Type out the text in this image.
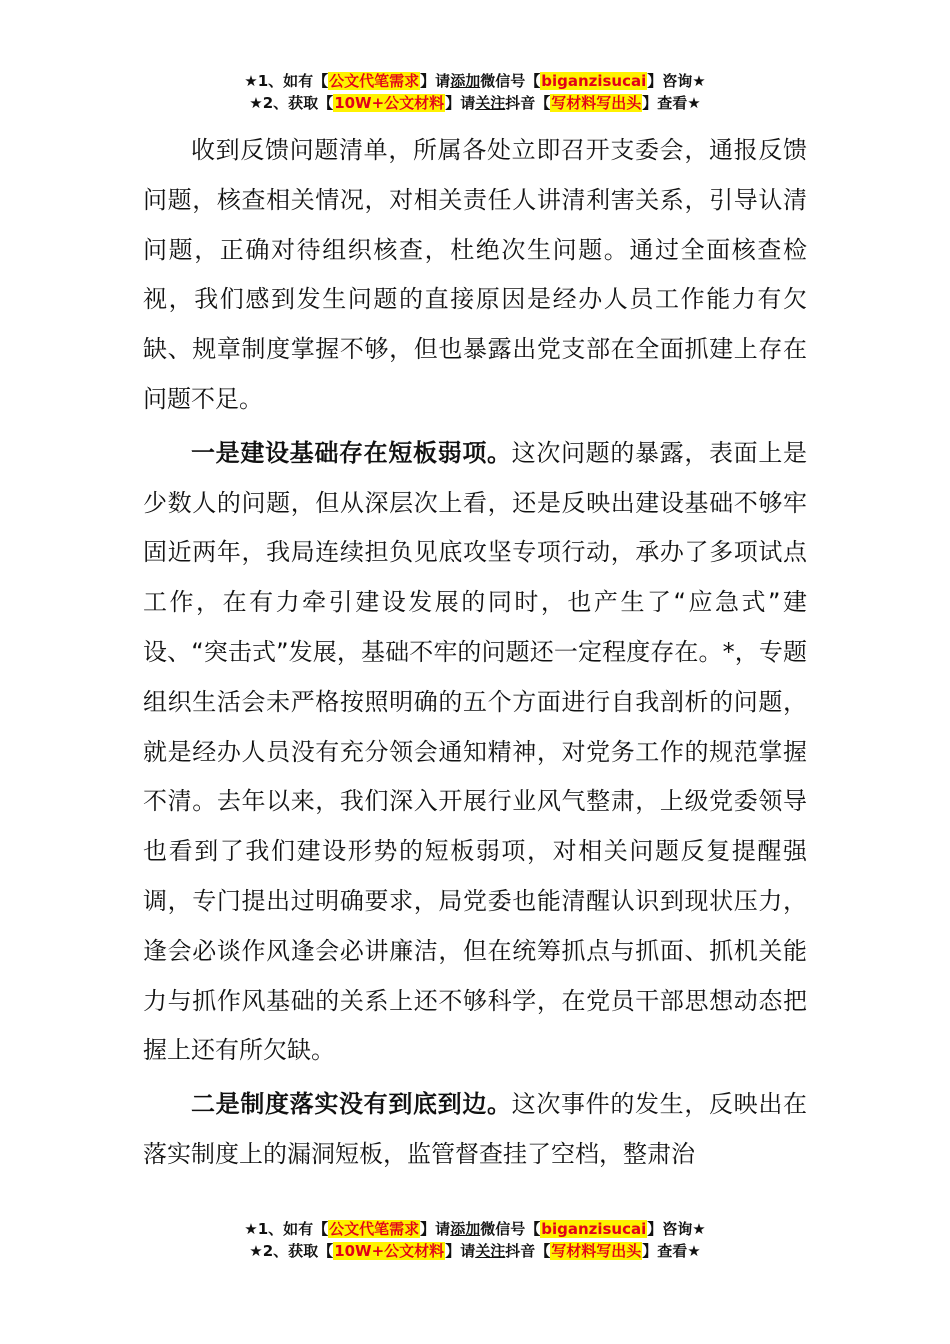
★1、如有【公文代笔需求】请添加微信号【biganzisucai】咨询★
★2、获取【10W+公文材料】请关注抖音【写材料写出头】查看★

收到反馈问题清单，所属各处立即召开支委会，通报反馈问题，核查相关情况，对相关责任人讲清利害关系，引导认清问题，正确对待组织核查，杜绝次生问题。通过全面核查检视，我们感到发生问题的直接原因是经办人员工作能力有欠缺、规章制度掌握不够，但也暴露出党支部在全面抓建上存在问题不足。

一是建设基础存在短板弱项。这次问题的暴露，表面上是少数人的问题，但从深层次上看，还是反映出建设基础不够牢固近两年，我局连续担负见底攻坚专项行动，承办了多项试点工作，在有力牵引建设发展的同时，也产生了“应急式”建设、“突击式”发展，基础不牢的问题还一定程度存在。*，专题组织生活会未严格按照明确的五个方面进行自我剖析的问题，就是经办人员没有充分领会通知精神，对党务工作的规范掌握不清。去年以来，我们深入开展行业风气整肃，上级党委领导也看到了我们建设形势的短板弱项，对相关问题反复提醒强调，专门提出过明确要求，局党委也能清醒认识到现状压力，逢会必谈作风逢会必讲廉洁，但在统筹抓点与抓面、抓机关能力与抓作风基础的关系上还不够科学，在党员干部思想动态把握上还有所欠缺。

二是制度落实没有到底到边。这次事件的发生，反映出在落实制度上的漏洞短板，监管督查挂了空档，整肃治

★1、如有【公文代笔需求】请添加微信号【biganzisucai】咨询★
★2、获取【10W+公文材料】请关注抖音【写材料写出头】查看★
